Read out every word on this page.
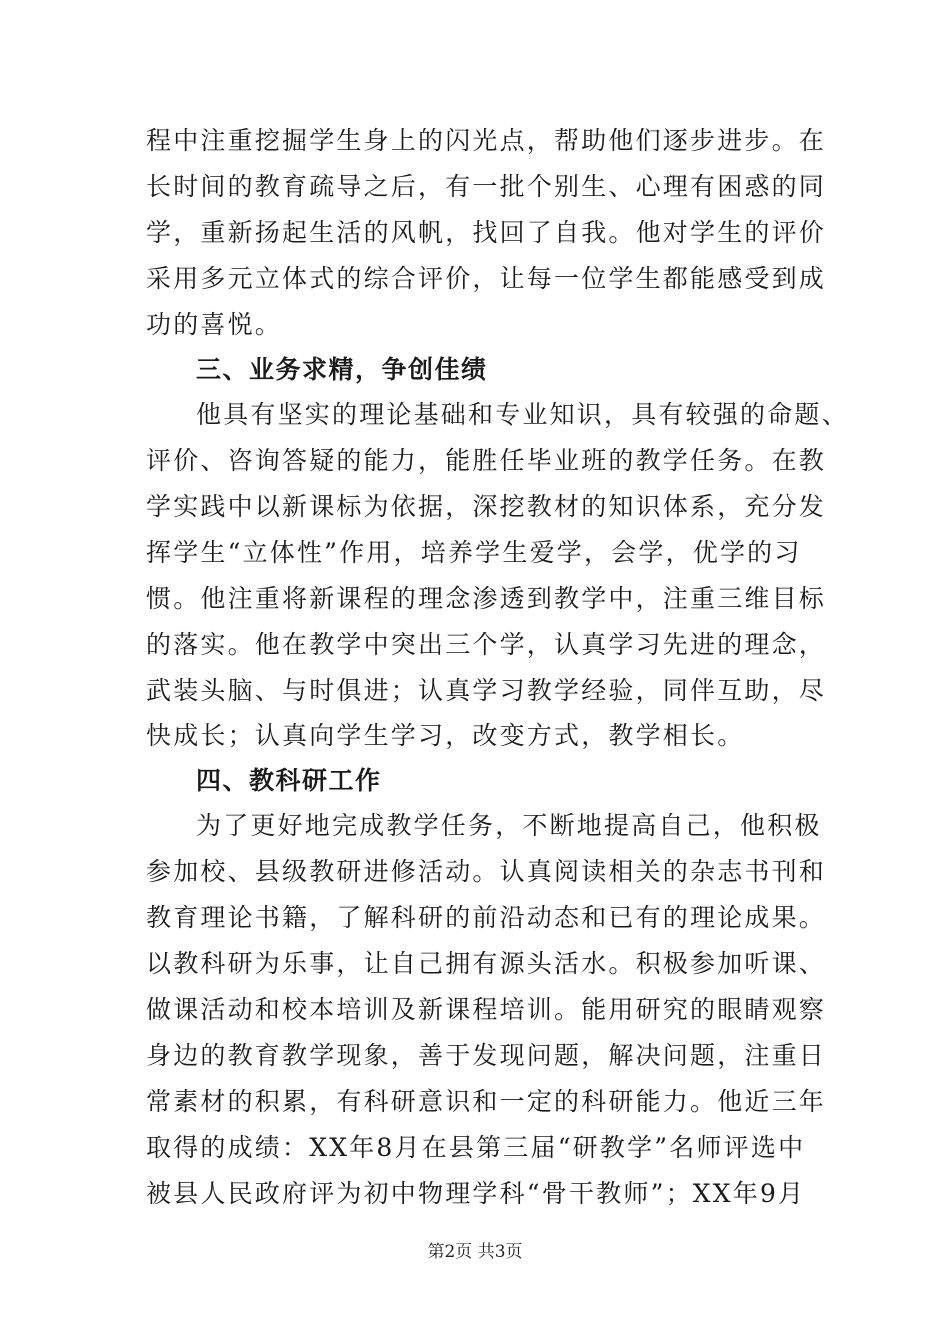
程中注重挖掘学生身上的闪光点，帮助他们逐步进步。在
长时间的教育疏导之后，有一批个别生、心理有困惑的同
学，重新扬起生活的风帆，找回了自我。他对学生的评价
采用多元立体式的综合评价，让每一位学生都能感受到成
功的喜悦。
三、业务求精，争创佳绩
他具有坚实的理论基础和专业知识，具有较强的命题、
评价、咨询答疑的能力，能胜任毕业班的教学任务。在教
学实践中以新课标为依据，深挖教材的知识体系，充分发
挥学生“立体性”作用，培养学生爱学，会学，优学的习
惯。他注重将新课程的理念渗透到教学中，注重三维目标
的落实。他在教学中突出三个学，认真学习先进的理念，
武装头脑、与时俱进；认真学习教学经验，同伴互助，尽
快成长；认真向学生学习，改变方式，教学相长。
四、教科研工作
为了更好地完成教学任务，不断地提高自己，他积极
参加校、县级教研进修活动。认真阅读相关的杂志书刊和
教育理论书籍，了解科研的前沿动态和已有的理论成果。
以教科研为乐事，让自己拥有源头活水。积极参加听课、
做课活动和校本培训及新课程培训。能用研究的眼睛观察
身边的教育教学现象，善于发现问题，解决问题，注重日
常素材的积累，有科研意识和一定的科研能力。他近三年
取得的成绩：XX年8月在县第三届“研教学”名师评选中
被县人民政府评为初中物理学科“骨干教师”；XX年9月
第2页 共3页
